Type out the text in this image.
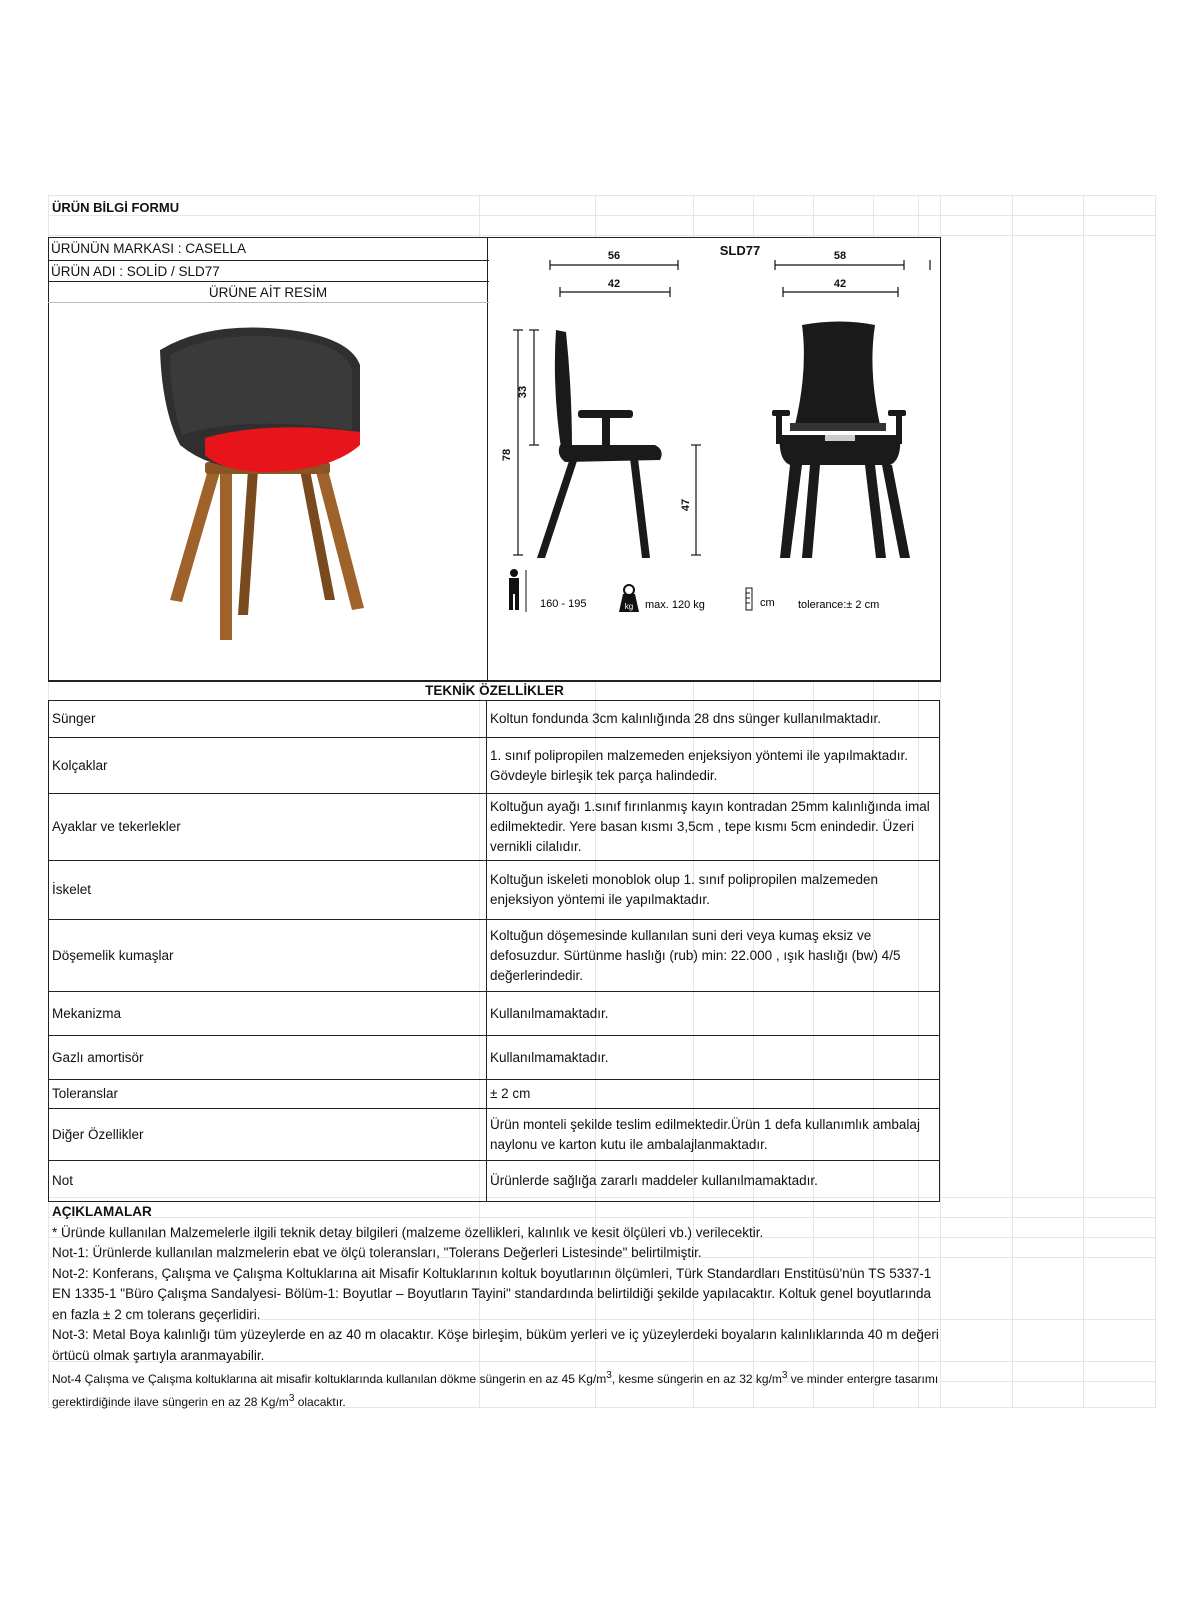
ÜRÜN BİLGİ FORMU
ÜRÜNÜN MARKASI : CASELLA
ÜRÜN ADI : SOLİD / SLD77
ÜRÜNE AİT RESİM
SLD77
56
42
58
42
78
33
47
160 - 195	kg max. 120 kg	cm tolerance:± 2 cm
TEKNİK ÖZELLİKLER
Sünger	Koltun fondunda 3cm kalınlığında 28 dns sünger kullanılmaktadır.
Kolçaklar	1. sınıf polipropilen malzemeden enjeksiyon yöntemi ile yapılmaktadır. Gövdeyle birleşik tek parça halindedir.
Ayaklar ve tekerlekler	Koltuğun ayağı 1.sınıf fırınlanmış kayın kontradan 25mm kalınlığında imal edilmektedir. Yere basan kısmı 3,5cm , tepe kısmı 5cm enindedir. Üzeri vernikli cilalıdır.
İskelet	Koltuğun iskeleti monoblok olup 1. sınıf polipropilen malzemeden enjeksiyon yöntemi ile yapılmaktadır.
Döşemelik kumaşlar	Koltuğun döşemesinde kullanılan suni deri veya kumaş eksiz ve defosuzdur. Sürtünme haslığı (rub) min: 22.000 , ışık haslığı (bw) 4/5 değerlerindedir.
Mekanizma	Kullanılmamaktadır.
Gazlı amortisör	Kullanılmamaktadır.
Toleranslar	± 2 cm
Diğer Özellikler	Ürün monteli şekilde teslim edilmektedir.Ürün 1 defa kullanımlık ambalaj naylonu ve karton kutu ile ambalajlanmaktadır.
Not	Ürünlerde sağlığa zararlı maddeler kullanılmamaktadır.

AÇIKLAMALAR

* Üründe kullanılan Malzemelerle ilgili teknik detay bilgileri (malzeme özellikleri, kalınlık ve kesit ölçüleri vb.) verilecektir.

Not-1: Ürünlerde kullanılan malzmelerin ebat ve ölçü toleransları, "Tolerans Değerleri Listesinde" belirtilmiştir.

Not-2: Konferans, Çalışma ve Çalışma Koltuklarına ait Misafir Koltuklarının koltuk boyutlarının ölçümleri, Türk Standardları Enstitüsü'nün TS 5337-1 EN 1335-1 "Büro Çalışma Sandalyesi- Bölüm-1: Boyutlar – Boyutların Tayini" standardında belirtildiği şekilde yapılacaktır. Koltuk genel boyutlarında en fazla ± 2 cm tolerans geçerlidiri.

Not-3: Metal Boya kalınlığı tüm yüzeylerde en az 40 m olacaktır. Köşe birleşim, büküm yerleri ve iç yüzeylerdeki boyaların kalınlıklarında 40 m değeri örtücü olmak şartıyla aranmayabilir.

Not-4 Çalışma ve Çalışma koltuklarına ait misafir koltuklarında kullanılan dökme süngerin en az 45 $Kg/m^3$, kesme süngerin en az 32 $kg/m^3$ ve minder entergre tasarımı gerektirdiğinde ilave süngerin en az 28 $Kg/m^3$ olacaktır.
